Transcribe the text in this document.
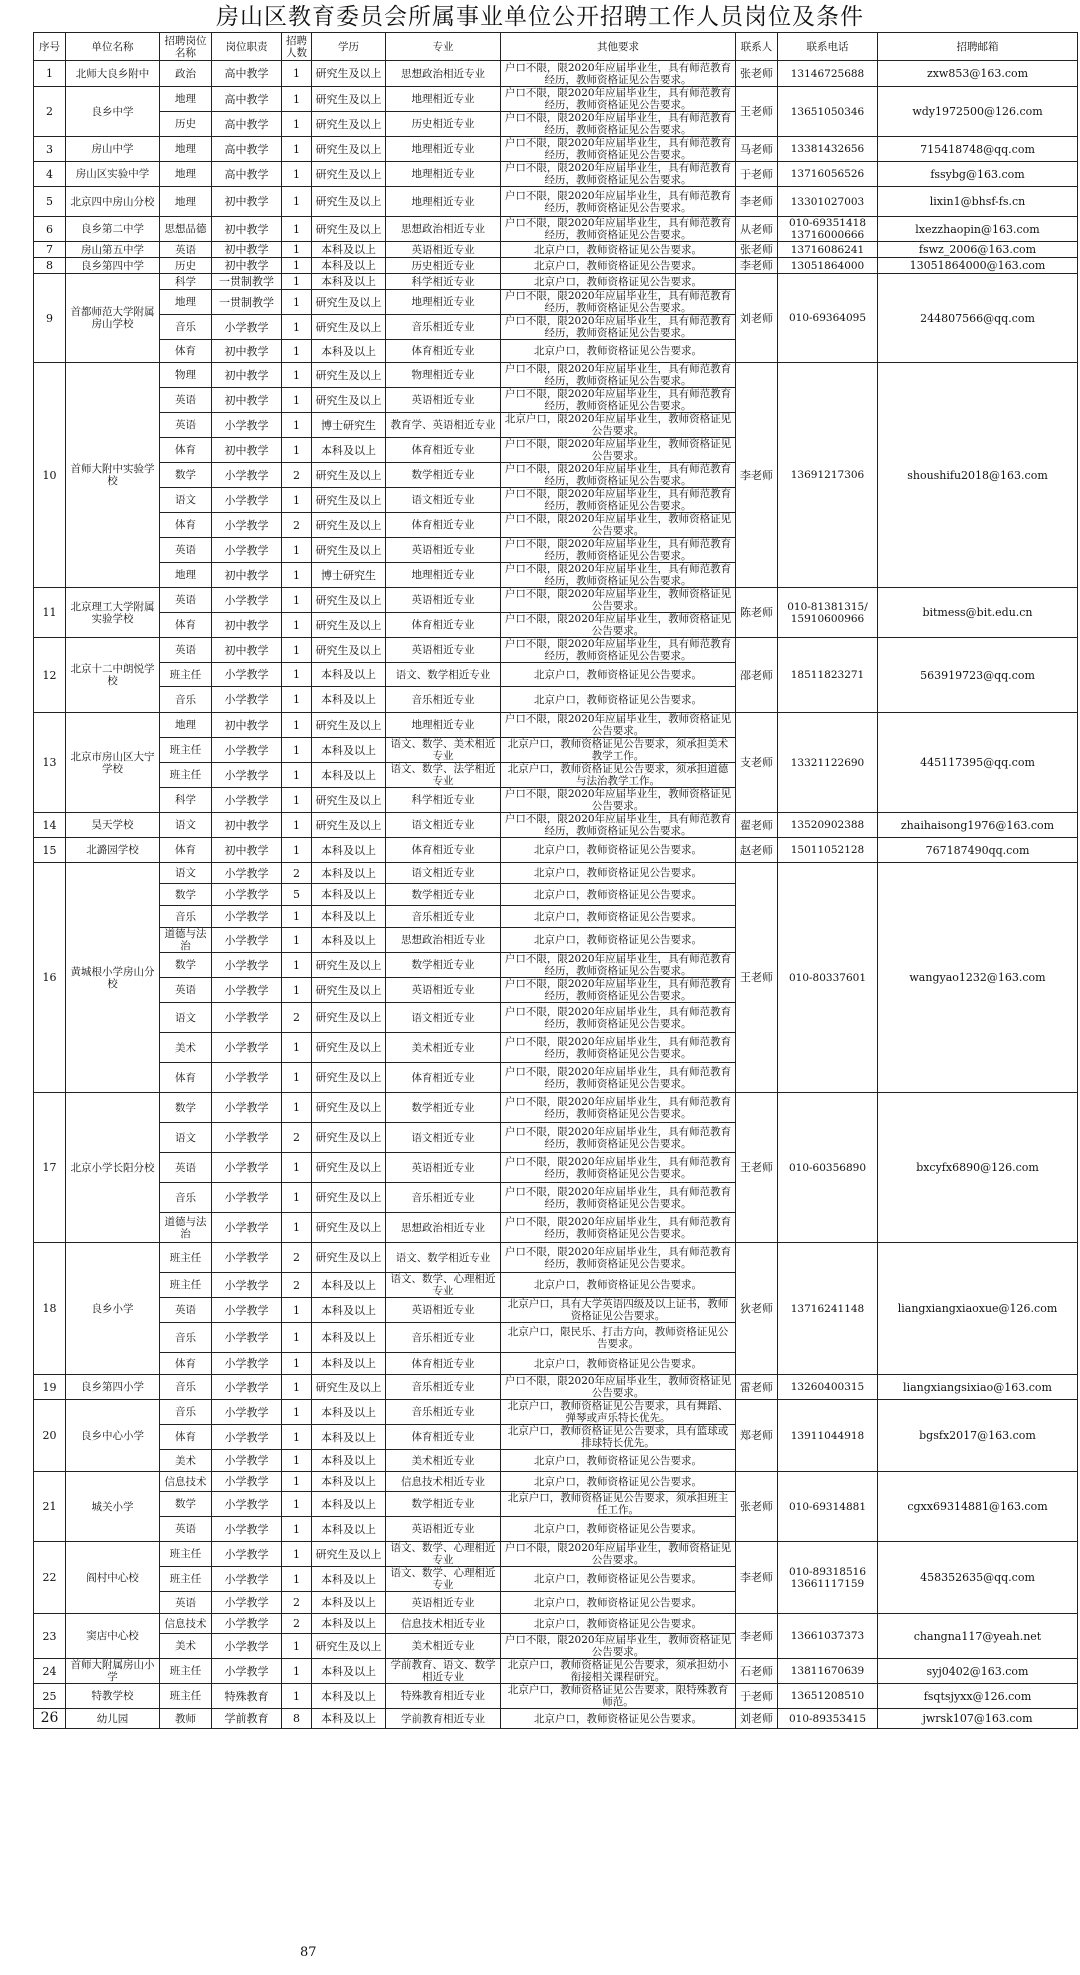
房山区教育委员会所属事业单位公开招聘工作人员岗位及条件
序号	单位名称	招聘岗位名称	岗位职责	招聘人数	学历	专业	其他要求	联系人	联系电话	招聘邮箱
1	北师大良乡附中	政治	高中教学	1	研究生及以上	思想政治相近专业	户口不限，限2020年应届毕业生，具有师范教育经历，教师资格证见公告要求。	张老师	13146725688	zxw853@163.com
2	良乡中学	地理	高中教学	1	研究生及以上	地理相近专业	户口不限，限2020年应届毕业生，具有师范教育经历，教师资格证见公告要求。	王老师	13651050346	wdy1972500@126.com
		历史	高中教学	1	研究生及以上	历史相近专业	户口不限，限2020年应届毕业生，具有师范教育经历，教师资格证见公告要求。			
3	房山中学	地理	高中教学	1	研究生及以上	地理相近专业	户口不限，限2020年应届毕业生，具有师范教育经历，教师资格证见公告要求。	马老师	13381432656	715418748@qq.com
4	房山区实验中学	地理	高中教学	1	研究生及以上	地理相近专业	户口不限，限2020年应届毕业生，具有师范教育经历，教师资格证见公告要求。	于老师	13716056526	fssybg@163.com
5	北京四中房山分校	地理	初中教学	1	研究生及以上	地理相近专业	户口不限，限2020年应届毕业生，具有师范教育经历，教师资格证见公告要求。	李老师	13301027003	lixin1@bhsf-fs.cn
6	良乡第二中学	思想品德	初中教学	1	研究生及以上	思想政治相近专业	户口不限，限2020年应届毕业生，具有师范教育经历，教师资格证见公告要求。	从老师	010-69351418
13716000666	lxezzhaopin@163.com
7	房山第五中学	英语	初中教学	1	本科及以上	英语相近专业	北京户口，教师资格证见公告要求。	张老师	13716086241	fswz_2006@163.com
8	良乡第四中学	历史	初中教学	1	本科及以上	历史相近专业	北京户口，教师资格证见公告要求。	李老师	13051864000	13051864000@163.com
9	首都师范大学附属房山学校	科学	一贯制教学	1	本科及以上	科学相近专业	北京户口，教师资格证见公告要求。	刘老师	010-69364095	244807566@qq.com
		地理	一贯制教学	1	研究生及以上	地理相近专业	户口不限，限2020年应届毕业生，具有师范教育经历，教师资格证见公告要求。			
		音乐	小学教学	1	研究生及以上	音乐相近专业	户口不限，限2020年应届毕业生，具有师范教育经历，教师资格证见公告要求。			
		体育	初中教学	1	本科及以上	体育相近专业	北京户口，教师资格证见公告要求。			
10	首师大附中实验学校	物理	初中教学	1	研究生及以上	物理相近专业	户口不限，限2020年应届毕业生，具有师范教育经历，教师资格证见公告要求。	李老师	13691217306	shoushifu2018@163.com
		英语	初中教学	1	研究生及以上	英语相近专业	户口不限，限2020年应届毕业生，具有师范教育经历，教师资格证见公告要求。			
		英语	小学教学	1	博士研究生	教育学、英语相近专业	北京户口，限2020年应届毕业生，教师资格证见公告要求。			
		体育	初中教学	1	本科及以上	体育相近专业	户口不限，限2020年应届毕业生，教师资格证见公告要求。			
		数学	小学教学	2	研究生及以上	数学相近专业	户口不限，限2020年应届毕业生，具有师范教育经历，教师资格证见公告要求。			
		语文	小学教学	1	研究生及以上	语文相近专业	户口不限，限2020年应届毕业生，具有师范教育经历，教师资格证见公告要求。			
		体育	小学教学	2	研究生及以上	体育相近专业	户口不限，限2020年应届毕业生，教师资格证见公告要求。			
		英语	小学教学	1	研究生及以上	英语相近专业	户口不限，限2020年应届毕业生，具有师范教育经历，教师资格证见公告要求。			
		地理	初中教学	1	博士研究生	地理相近专业	户口不限，限2020年应届毕业生，具有师范教育经历，教师资格证见公告要求。			
11	北京理工大学附属实验学校	英语	小学教学	1	研究生及以上	英语相近专业	户口不限，限2020年应届毕业生，教师资格证见公告要求。	陈老师	010-81381315/
15910600966	bitmess@bit.edu.cn
		体育	初中教学	1	研究生及以上	体育相近专业	户口不限，限2020年应届毕业生，教师资格证见公告要求。			
12	北京十二中朗悦学校	英语	初中教学	1	研究生及以上	英语相近专业	户口不限，限2020年应届毕业生，具有师范教育经历，教师资格证见公告要求。	邵老师	18511823271	563919723@qq.com
		班主任	小学教学	1	本科及以上	语文、数学相近专业	北京户口，教师资格证见公告要求。			
		音乐	小学教学	1	本科及以上	音乐相近专业	北京户口，教师资格证见公告要求。			
13	北京市房山区大宁学校	地理	初中教学	1	研究生及以上	地理相近专业	户口不限，限2020年应届毕业生，教师资格证见公告要求。	支老师	13321122690	445117395@qq.com
		班主任	小学教学	1	本科及以上	语文、数学、美术相近专业	北京户口，教师资格证见公告要求，须承担美术教学工作。			
		班主任	小学教学	1	本科及以上	语文、数学、法学相近专业	北京户口，教师资格证见公告要求，须承担道德与法治教学工作。			
		科学	小学教学	1	研究生及以上	科学相近专业	户口不限，限2020年应届毕业生，教师资格证见公告要求。			
14	昊天学校	语文	初中教学	1	研究生及以上	语文相近专业	户口不限，限2020年应届毕业生，具有师范教育经历，教师资格证见公告要求。	翟老师	13520902388	zhaihaisong1976@163.com
15	北潞园学校	体育	初中教学	1	本科及以上	体育相近专业	北京户口，教师资格证见公告要求。	赵老师	15011052128	767187490qq.com
16	黄城根小学房山分校	语文	小学教学	2	本科及以上	语文相近专业	北京户口，教师资格证见公告要求。	王老师	010-80337601	wangyao1232@163.com
		数学	小学教学	5	本科及以上	数学相近专业	北京户口，教师资格证见公告要求。			
		音乐	小学教学	1	本科及以上	音乐相近专业	北京户口，教师资格证见公告要求。			
		道德与法治	小学教学	1	本科及以上	思想政治相近专业	北京户口，教师资格证见公告要求。			
		数学	小学教学	1	研究生及以上	数学相近专业	户口不限，限2020年应届毕业生，具有师范教育经历，教师资格证见公告要求。			
		英语	小学教学	1	研究生及以上	英语相近专业	户口不限，限2020年应届毕业生，具有师范教育经历，教师资格证见公告要求。			
		语文	小学教学	2	研究生及以上	语文相近专业	户口不限，限2020年应届毕业生，具有师范教育经历，教师资格证见公告要求。			
		美术	小学教学	1	研究生及以上	美术相近专业	户口不限，限2020年应届毕业生，具有师范教育经历，教师资格证见公告要求。			
		体育	小学教学	1	研究生及以上	体育相近专业	户口不限，限2020年应届毕业生，具有师范教育经历，教师资格证见公告要求。			
17	北京小学长阳分校	数学	小学教学	1	研究生及以上	数学相近专业	户口不限，限2020年应届毕业生，具有师范教育经历，教师资格证见公告要求。	王老师	010-60356890	bxcyfx6890@126.com
		语文	小学教学	2	研究生及以上	语文相近专业	户口不限，限2020年应届毕业生，具有师范教育经历，教师资格证见公告要求。			
		英语	小学教学	1	研究生及以上	英语相近专业	户口不限，限2020年应届毕业生，具有师范教育经历，教师资格证见公告要求。			
		音乐	小学教学	1	研究生及以上	音乐相近专业	户口不限，限2020年应届毕业生，具有师范教育经历，教师资格证见公告要求。			
		道德与法治	小学教学	1	研究生及以上	思想政治相近专业	户口不限，限2020年应届毕业生，具有师范教育经历，教师资格证见公告要求。			
18	良乡小学	班主任	小学教学	2	研究生及以上	语文、数学相近专业	户口不限，限2020年应届毕业生，具有师范教育经历，教师资格证见公告要求。	狄老师	13716241148	liangxiangxiaoxue@126.com
		班主任	小学教学	2	本科及以上	语文、数学、心理相近专业	北京户口，教师资格证见公告要求。			
		英语	小学教学	1	本科及以上	英语相近专业	北京户口，具有大学英语四级及以上证书，教师资格证见公告要求。			
		音乐	小学教学	1	本科及以上	音乐相近专业	北京户口，限民乐、打击方向，教师资格证见公告要求。			
		体育	小学教学	1	本科及以上	体育相近专业	北京户口，教师资格证见公告要求。			
19	良乡第四小学	音乐	小学教学	1	研究生及以上	音乐相近专业	户口不限，限2020年应届毕业生，教师资格证见公告要求。	雷老师	13260400315	liangxiangsixiao@163.com
20	良乡中心小学	音乐	小学教学	1	本科及以上	音乐相近专业	北京户口，教师资格证见公告要求，具有舞蹈、弹琴或声乐特长优先。	郑老师	13911044918	bgsfx2017@163.com
		体育	小学教学	1	本科及以上	体育相近专业	北京户口，教师资格证见公告要求，具有篮球或排球特长优先。			
		美术	小学教学	1	本科及以上	美术相近专业	北京户口，教师资格证见公告要求。			
21	城关小学	信息技术	小学教学	1	本科及以上	信息技术相近专业	北京户口，教师资格证见公告要求。	张老师	010-69314881	cgxx69314881@163.com
		数学	小学教学	1	本科及以上	数学相近专业	北京户口，教师资格证见公告要求，须承担班主任工作。			
		英语	小学教学	1	本科及以上	英语相近专业	北京户口，教师资格证见公告要求。			
22	阎村中心校	班主任	小学教学	1	研究生及以上	语文、数学、心理相近专业	户口不限，限2020年应届毕业生，教师资格证见公告要求。	李老师	010-89318516
13661117159	458352635@qq.com
		班主任	小学教学	1	本科及以上	语文、数学、心理相近专业	北京户口，教师资格证见公告要求。			
		英语	小学教学	2	本科及以上	英语相近专业	北京户口，教师资格证见公告要求。			
23	窦店中心校	信息技术	小学教学	2	本科及以上	信息技术相近专业	北京户口，教师资格证见公告要求。	李老师	13661037373	changna117@yeah.net
		美术	小学教学	1	研究生及以上	美术相近专业	户口不限，限2020年应届毕业生，教师资格证见公告要求。			
24	首师大附属房山小学	班主任	小学教学	1	本科及以上	学前教育、语文、数学相近专业	北京户口，教师资格证见公告要求，须承担幼小衔接相关课程研究。	石老师	13811670639	syj0402@163.com
25	特教学校	班主任	特殊教育	1	本科及以上	特殊教育相近专业	北京户口，教师资格证见公告要求，限特殊教育师范。	于老师	13651208510	fsqtsjyxx@126.com
26	幼儿园	教师	学前教育	8	本科及以上	学前教育相近专业	北京户口，教师资格证见公告要求。	刘老师	010-89353415	jwrsk107@163.com
87
